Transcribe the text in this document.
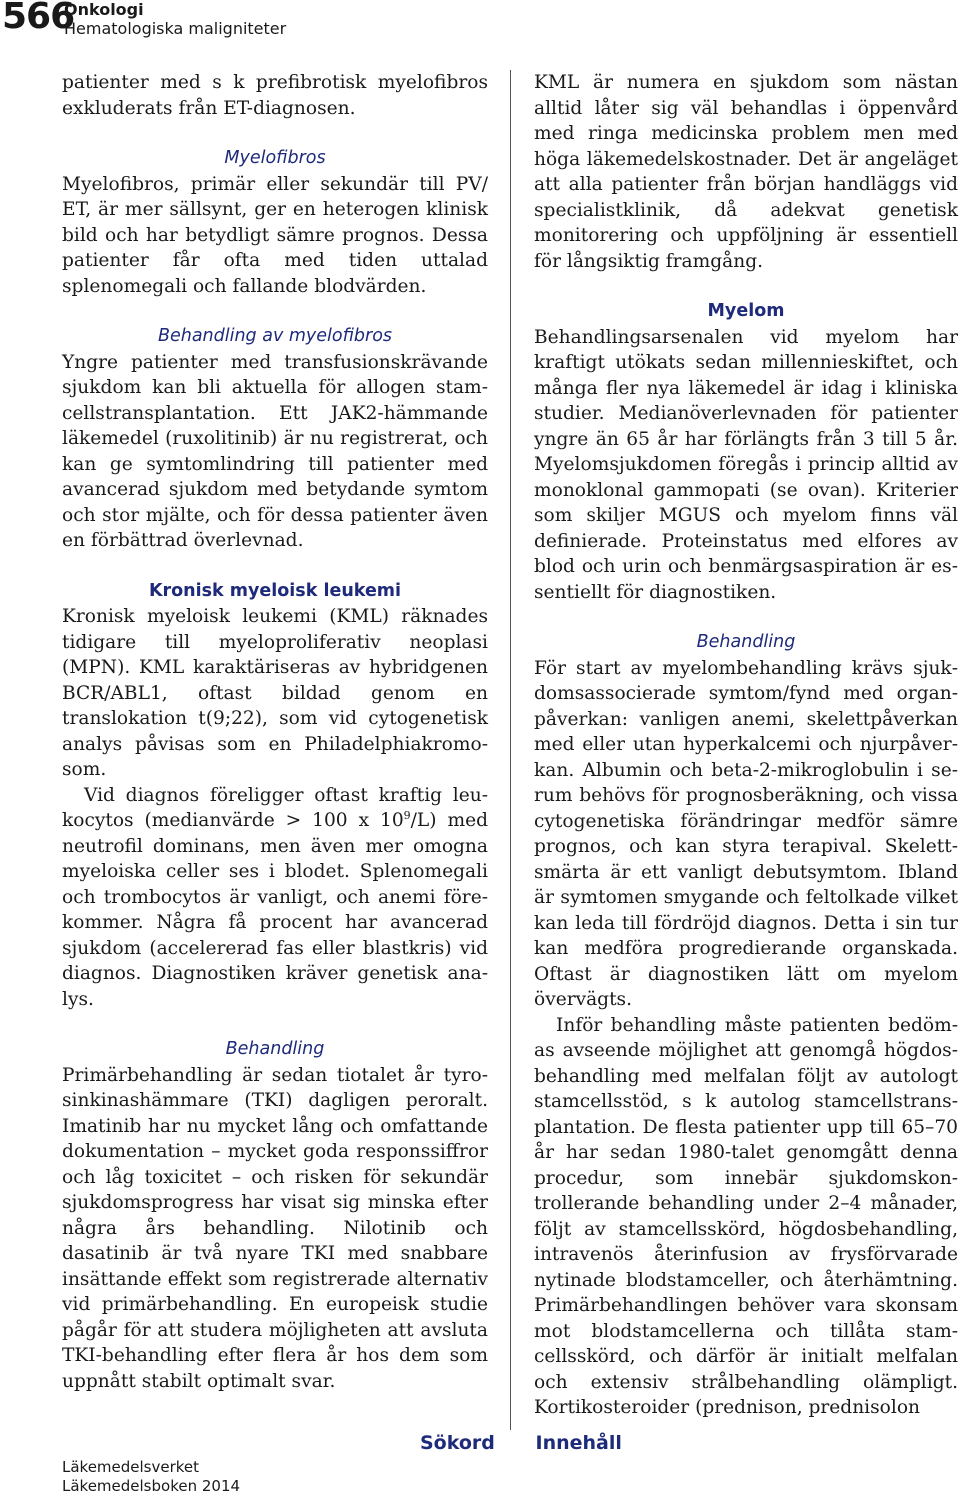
566
Onkologi
Hematologiska maligniteter

patienter med s k prefibrotisk myelofibros exkluderats från ET-diagnosen.

Myelofibros

Myelofibros, primär eller sekundär till PV/ ET, är mer sällsynt, ger en heterogen klinisk bild och har betydligt sämre prognos. Dessa patienter får ofta med tiden uttalad splenomegali och fallande blodvärden.

Behandling av myelofibros

Yngre patienter med transfusionskrävande sjukdom kan bli aktuella för allogen stamcellstransplantation. Ett JAK2-hämmande läkemedel (ruxolitinib) är nu registrerat, och kan ge symtomlindring till patienter med avancerad sjukdom med betydande symtom och stor mjälte, och för dessa patienter även en förbättrad överlevnad.

Kronisk myeloisk leukemi

Kronisk myeloisk leukemi (KML) räknades tidigare till myeloproliferativ neoplasi (MPN). KML karaktäriseras av hybridgenen BCR/ABL1, oftast bildad genom en translokation t(9;22), som vid cytogenetisk analys påvisas som en Philadelphiakromosom.

Vid diagnos föreligger oftast kraftig leukocytos (medianvärde > 100 x $10^9/L$) med neutrofil dominans, men även mer omogna myeloiska celler ses i blodet. Splenomegali och trombocytos är vanligt, och anemi förekommer. Några få procent har avancerad sjukdom (accelererad fas eller blastkris) vid diagnos. Diagnostiken kräver genetisk analys.

Behandling

Primärbehandling är sedan tiotalet år tyrosinkinashämmare (TKI) dagligen peroralt. Imatinib har nu mycket lång och omfattande dokumentation – mycket goda responssiffror och låg toxicitet – och risken för sekundär sjukdomsprogress har visat sig minska efter några års behandling. Nilotinib och dasatinib är två nyare TKI med snabbare insättande effekt som registrerade alternativ vid primärbehandling. En europeisk studie pågår för att studera möjligheten att avsluta TKI-behandling efter flera år hos dem som uppnått stabilt optimalt svar.

KML är numera en sjukdom som nästan alltid låter sig väl behandlas i öppenvård med ringa medicinska problem men med höga läkemedelskostnader. Det är angeläget att alla patienter från början handläggs vid specialistklinik, då adekvat genetisk monitorering och uppföljning är essentiell för långsiktig framgång.

Myelom

Behandlingsarsenalen vid myelom har kraftigt utökats sedan millennieskiftet, och många fler nya läkemedel är idag i kliniska studier. Medianöverlevnaden för patienter yngre än 65 år har förlängts från 3 till 5 år. Myelomsjukdomen föregås i princip alltid av monoklonal gammopati (se ovan). Kriterier som skiljer MGUS och myelom finns väl definierade. Proteinstatus med elfores av blod och urin och benmärgsaspiration är essentiellt för diagnostiken.

Behandling

För start av myelombehandling krävs sjukdomsassocierade symtom/fynd med organpåverkan: vanligen anemi, skelettpåverkan med eller utan hyperkalcemi och njurpåverkan. Albumin och beta-2-mikroglobulin i serum behövs för prognosberäkning, och vissa cytogenetiska förändringar medför sämre prognos, och kan styra terapival. Skelettsmärta är ett vanligt debutsymtom. Ibland är symtomen smygande och feltolkade vilket kan leda till fördröjd diagnos. Detta i sin tur kan medföra progredierande organskada. Oftast är diagnostiken lätt om myelom övervägts.

Inför behandling måste patienten bedömas avseende möjlighet att genomgå högdosbehandling med melfalan följt av autologt stamcellsstöd, s k autolog stamcellstransplantation. De flesta patienter upp till 65–70 år har sedan 1980-talet genomgått denna procedur, som innebär sjukdomskontrollerande behandling under 2–4 månader, följt av stamcellsskörd, högdosbehandling, intravenös återinfusion av frysförvarade nytinade blodstamceller, och återhämtning. Primärbehandlingen behöver vara skonsam mot blodstamcellerna och tillåta stamcellsskörd, och därför är initialt melfalan och extensiv strålbehandling olämpligt. Kortikosteroider (prednison, prednisolon

Sökord Innehåll
Läkemedelsverket
Läkemedelsboken 2014
